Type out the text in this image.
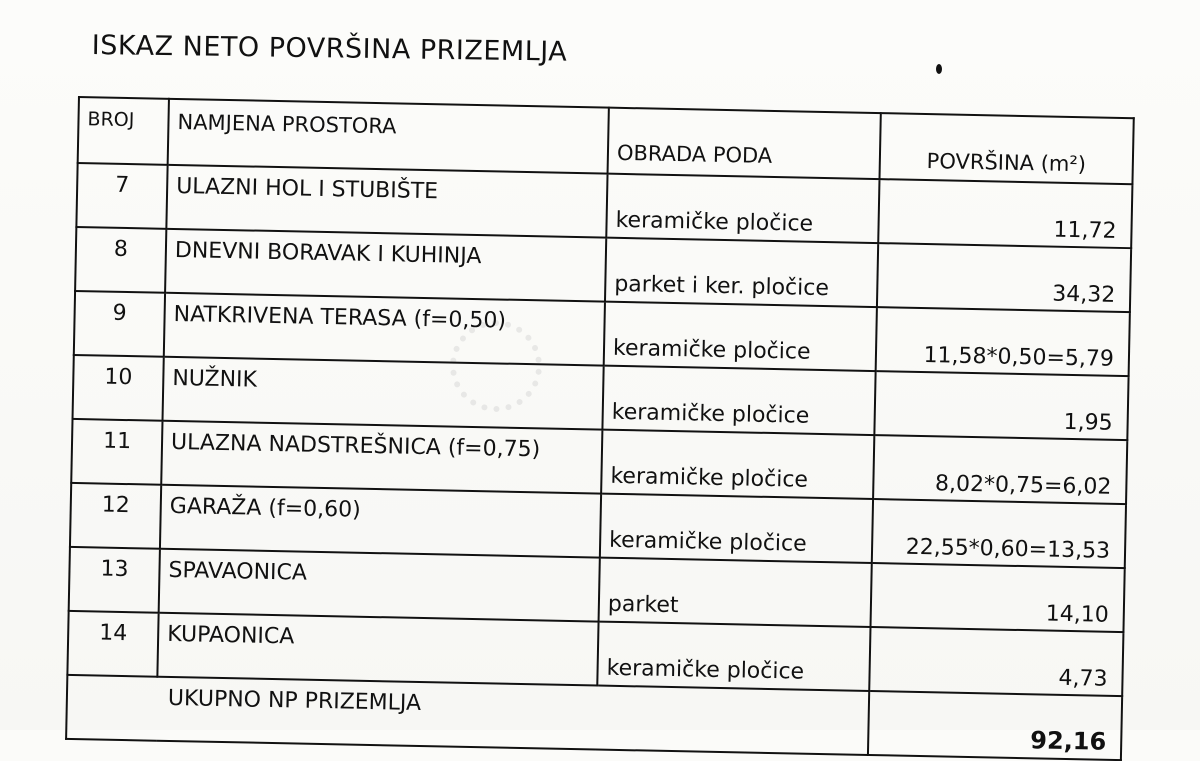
ISKAZ NETO POVRŠINA PRIZEMLJA
BROJ	NAMJENA PROSTORA	OBRADA PODA	POVRŠINA (m²)
7	ULAZNI HOL I STUBIŠTE	keramičke pločice	11,72
8	DNEVNI BORAVAK I KUHINJA	parket i ker. pločice	34,32
9	NATKRIVENA TERASA (f=0,50)	keramičke pločice	11,58*0,50=5,79
10	NUŽNIK	keramičke pločice	1,95
11	ULAZNA NADSTREŠNICA (f=0,75)	keramičke pločice	8,02*0,75=6,02
12	GARAŽA (f=0,60)	keramičke pločice	22,55*0,60=13,53
13	SPAVAONICA	parket	14,10
14	KUPAONICA	keramičke pločice	4,73
UKUPNO NP PRIZEMLJA			92,16
